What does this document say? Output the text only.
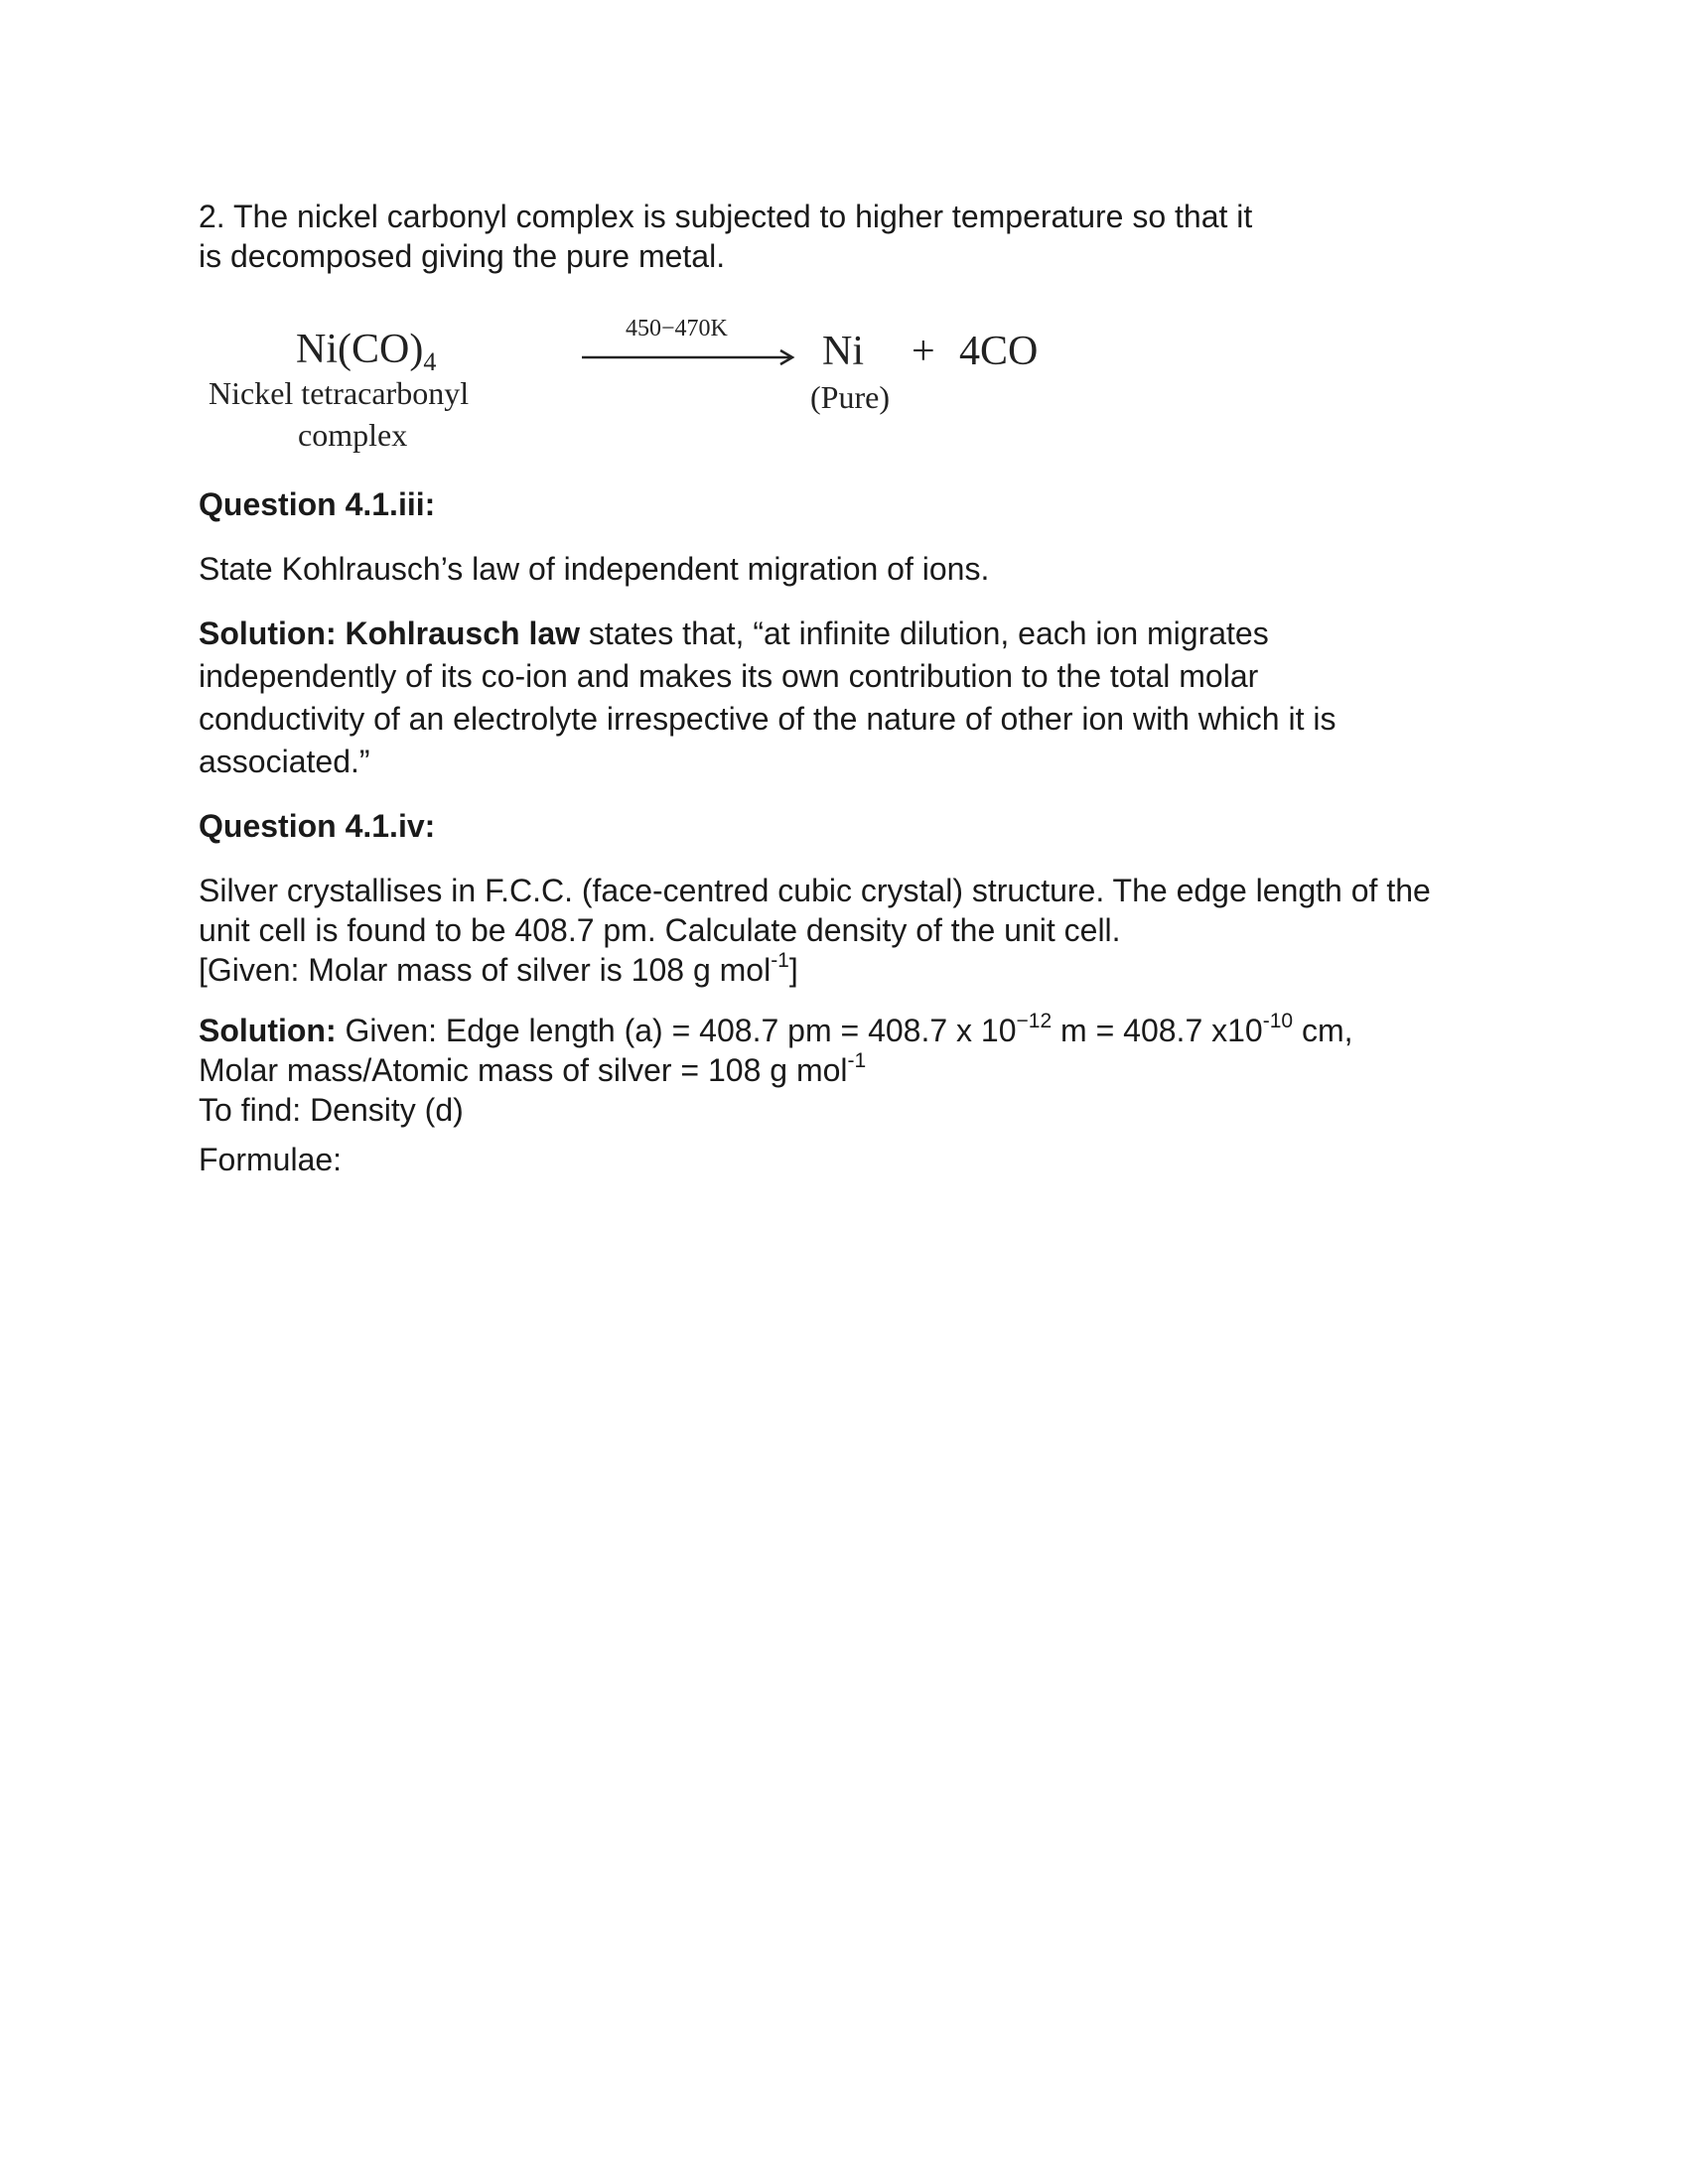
2. The nickel carbonyl complex is subjected to higher temperature so that it
is decomposed giving the pure metal.

Ni(CO)4
Nickel tetracarbonyl
complex
450−470K Ni
(Pure)
+ 4CO

Question 4.1.iii:

State Kohlrausch’s law of independent migration of ions.

Solution: Kohlrausch law states that, “at infinite dilution, each ion migrates
independently of its co-ion and makes its own contribution to the total molar
conductivity of an electrolyte irrespective of the nature of other ion with which it is
associated.”

Question 4.1.iv:

Silver crystallises in F.C.C. (face-centred cubic crystal) structure. The edge length of the
unit cell is found to be 408.7 pm. Calculate density of the unit cell.
[Given: Molar mass of silver is 108 g mol$^{-1}$]

Solution: Given: Edge length (a) = 408.7 pm = 408.7 x $10^{-12}$ m = 408.7 $x10^{-10}$ cm,
Molar mass/Atomic mass of silver = 108 g mol$^{-1}$
To find: Density (d)

Formulae:
